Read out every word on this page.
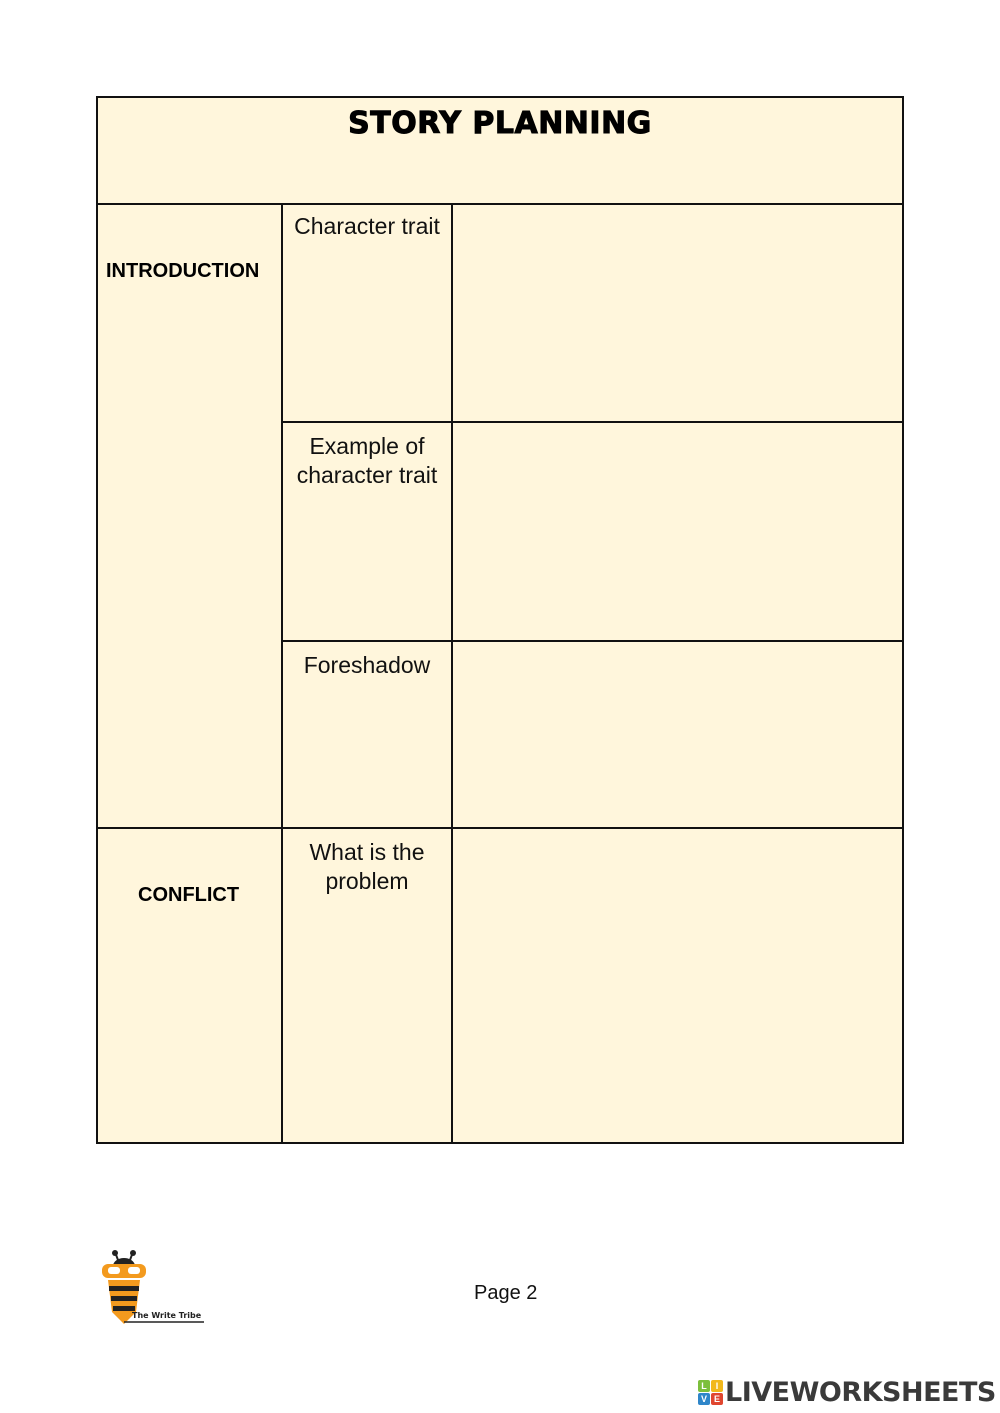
STORY PLANNING
INTRODUCTION
CONFLICT
Character trait
Example of character trait
Foreshadow
What is the problem
The Write Tribe
Page 2
L I
V E LIVEWORKSHEETS
